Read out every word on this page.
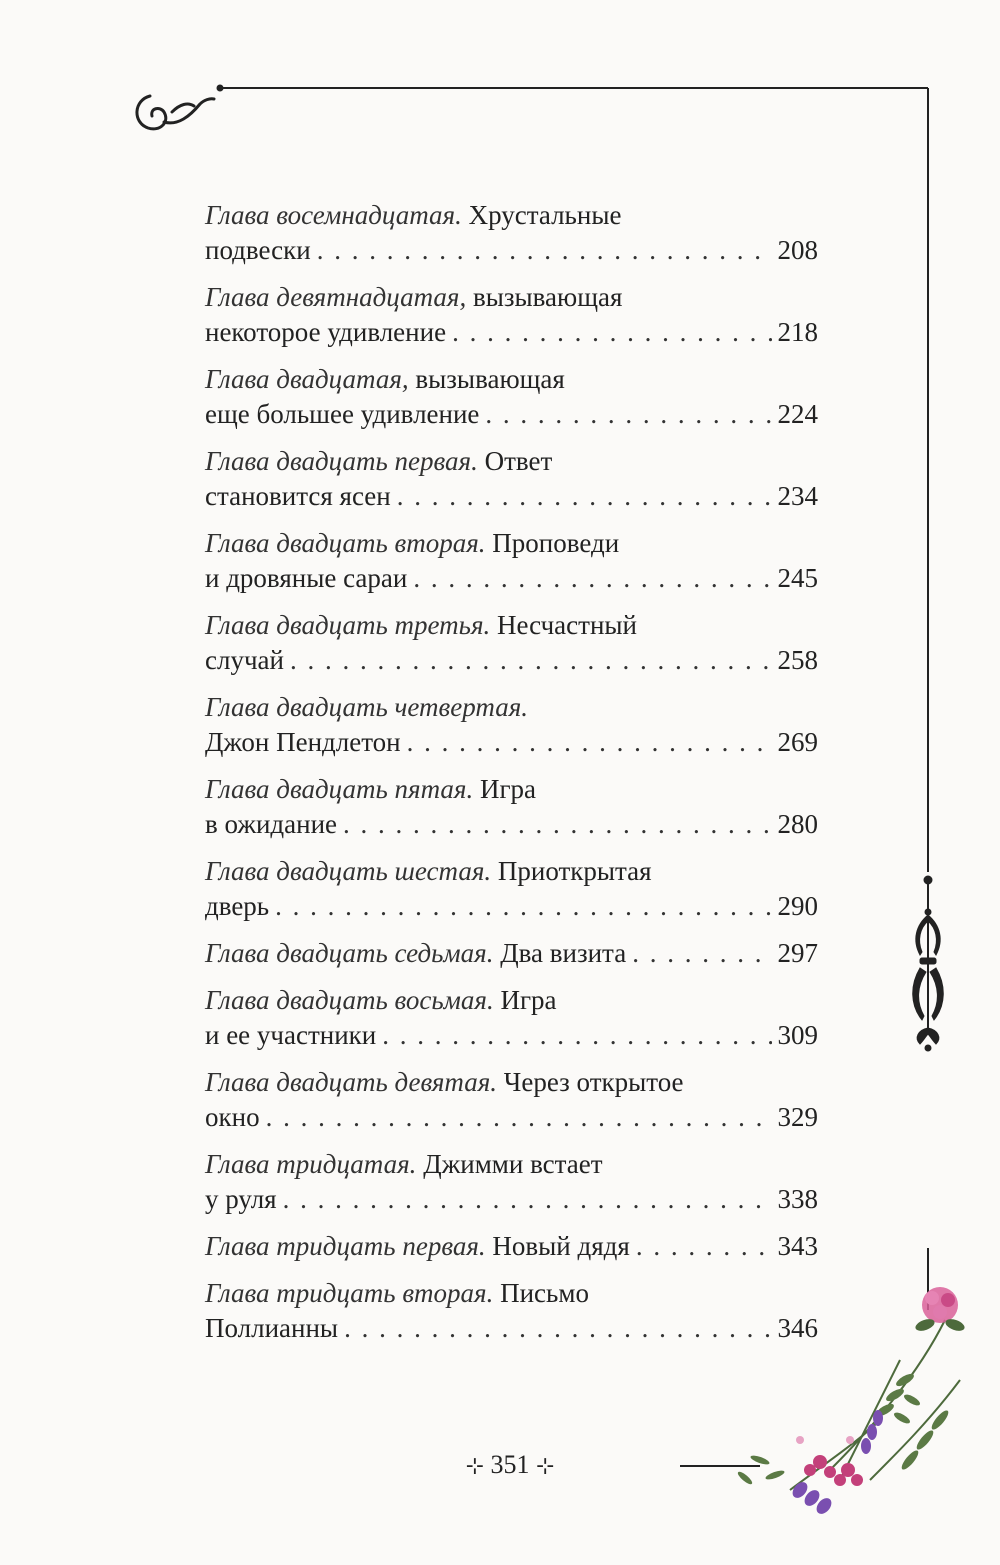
Глава восемнадцатая. Хрустальные
подвески . . .	208
Глава девятнадцатая, вызывающая
некоторое удивление . . .	218
Глава двадцатая, вызывающая
еще большее удивление . . .	224
Глава двадцать первая. Ответ
становится ясен . . .	234
Глава двадцать вторая. Проповеди
и дровяные сараи . . .	245
Глава двадцать третья. Несчастный
случай . . .	258
Глава двадцать четвертая.
Джон Пендлетон . . .	269
Глава двадцать пятая. Игра
в ожидание . . .	280
Глава двадцать шестая. Приоткрытая
дверь . . .	290
Глава двадцать седьмая. Два визита . . .	297
Глава двадцать восьмая. Игра
и ее участники . . .	309
Глава двадцать девятая. Через открытое
окно . . .	329
Глава тридцатая. Джимми встает
у руля . . .	338
Глава тридцать первая. Новый дядя . . .	343
Глава тридцать вторая. Письмо
Поллианны . . .	346
⊹ 351 ⊹
